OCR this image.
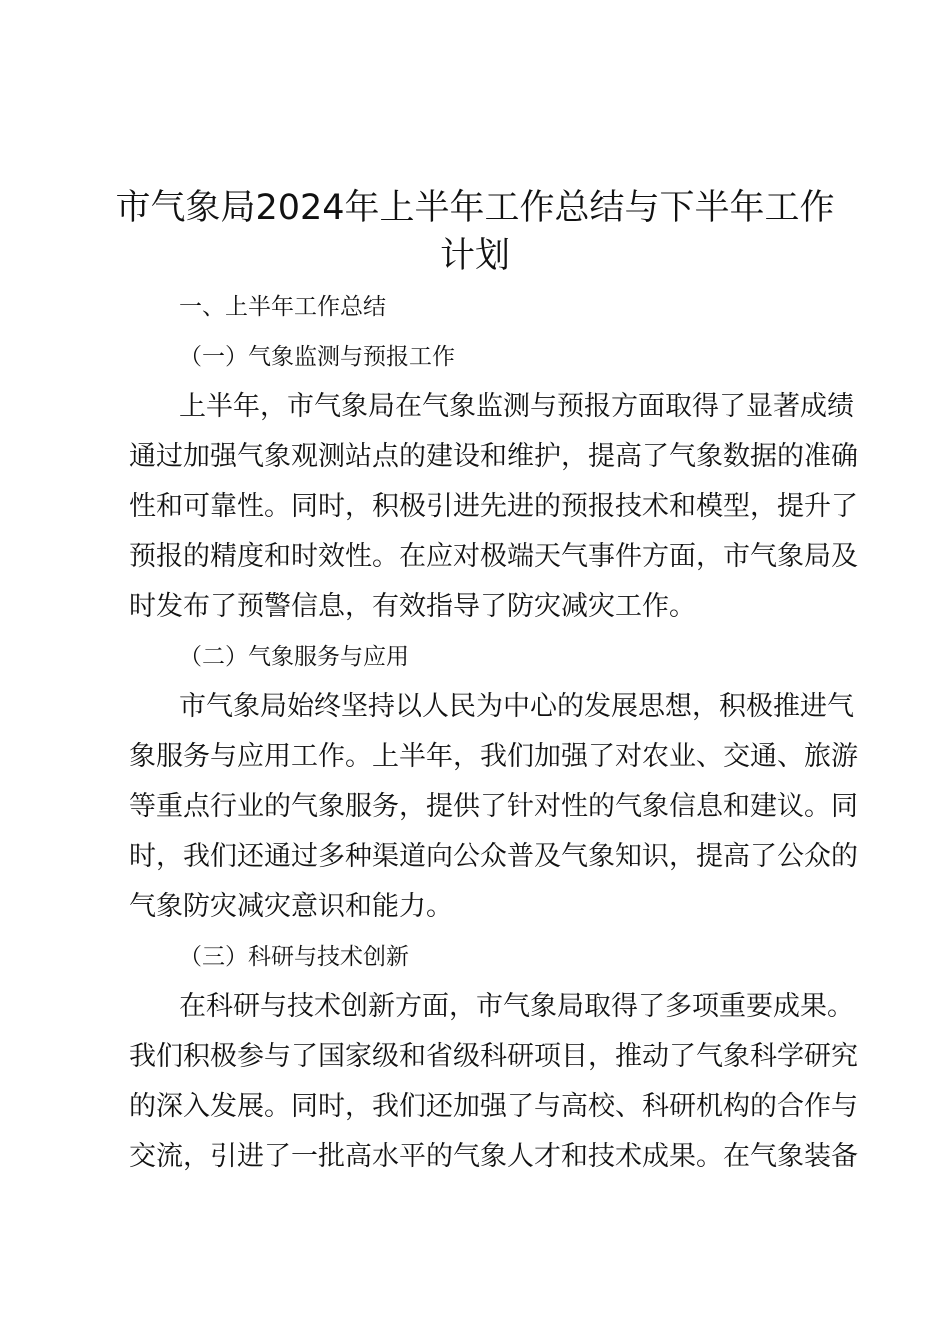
市气象局2024年上半年工作总结与下半年工作
计划
一、上半年工作总结
（一）气象监测与预报工作

上半年，市气象局在气象监测与预报方面取得了显著成绩
通过加强气象观测站点的建设和维护，提高了气象数据的准确
性和可靠性。同时，积极引进先进的预报技术和模型，提升了
预报的精度和时效性。在应对极端天气事件方面，市气象局及
时发布了预警信息，有效指导了防灾减灾工作。

（二）气象服务与应用

市气象局始终坚持以人民为中心的发展思想，积极推进气
象服务与应用工作。上半年，我们加强了对农业、交通、旅游
等重点行业的气象服务，提供了针对性的气象信息和建议。同
时，我们还通过多种渠道向公众普及气象知识，提高了公众的
气象防灾减灾意识和能力。

（三）科研与技术创新

在科研与技术创新方面，市气象局取得了多项重要成果。
我们积极参与了国家级和省级科研项目，推动了气象科学研究
的深入发展。同时，我们还加强了与高校、科研机构的合作与
交流，引进了一批高水平的气象人才和技术成果。在气象装备
